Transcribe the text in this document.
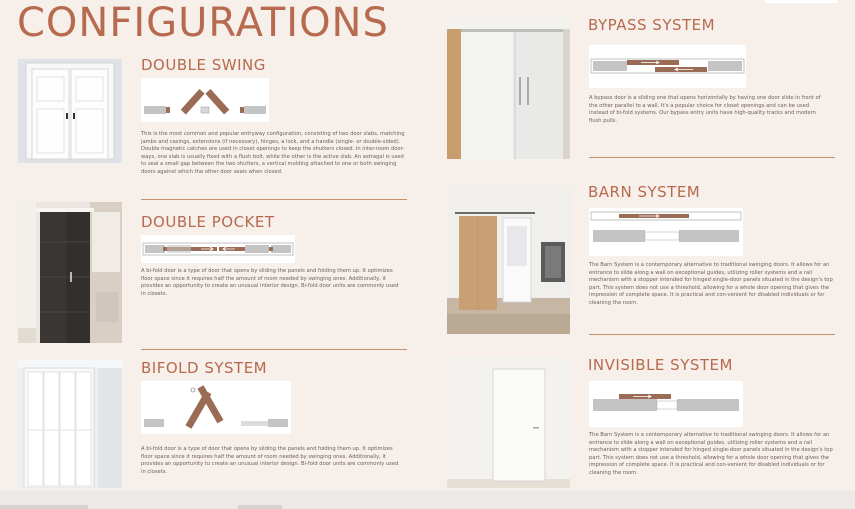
CONFIGURATIONS
DOUBLE SWING
This is the most common and popular entryway configuration, consisting of two door slabs, matching jambs and casings, extensions (if necessary), hinges, a lock, and a handle (single- or double-sided). Double magnetic catches are used in closet openings to keep the shutters closed. In inter-room door-ways, one slab is usually fixed with a flush bolt, while the other is the active slab. An astragal is used to seal a small gap between the two shutters, a vertical molding attached to one or both swinging doors against which the other door seals when closed.
DOUBLE POCKET
A bi-fold door is a type of door that opens by sliding the panels and folding them up. It optimizes floor space since it requires half the amount of room needed by swinging ones. Additionally, it provides an opportunity to create an unusual interior design. Bi-fold door units are commonly used in closets.
BIFOLD SYSTEM
A bi-fold door is a type of door that opens by sliding the panels and folding them up. It optimizes floor space since it requires half the amount of room needed by swinging ones. Additionally, it provides an opportunity to create an unusual interior design. Bi-fold door units are commonly used in closets.
BYPASS SYSTEM
A bypass door is a sliding one that opens horizontally by having one door slide in front of the other parallel to a wall. It's a popular choice for closet openings and can be used instead of bi-fold systems. Our bypass entry units have high-quality tracks and modern flush pulls.
BARN SYSTEM
The Barn System is a contemporary alternative to traditional swinging doors. It allows for an entrance to slide along a wall on exceptional guides, utilizing roller systems and a rail mechanism with a stopper intended for hinged single-door panels situated in the design's top part. This system does not use a threshold, allowing for a whole door opening that gives the impression of complete space. It is practical and con-venient for disabled individuals or for cleaning the room.
INVISIBLE SYSTEM
The Barn System is a contemporary alternative to traditional swinging doors. It allows for an entrance to slide along a wall on exceptional guides, utilizing roller systems and a rail mechanism with a stopper intended for hinged single-door panels situated in the design's top part. This system does not use a threshold, allowing for a whole door opening that gives the impression of complete space. It is practical and con-venient for disabled individuals or for cleaning the room.
